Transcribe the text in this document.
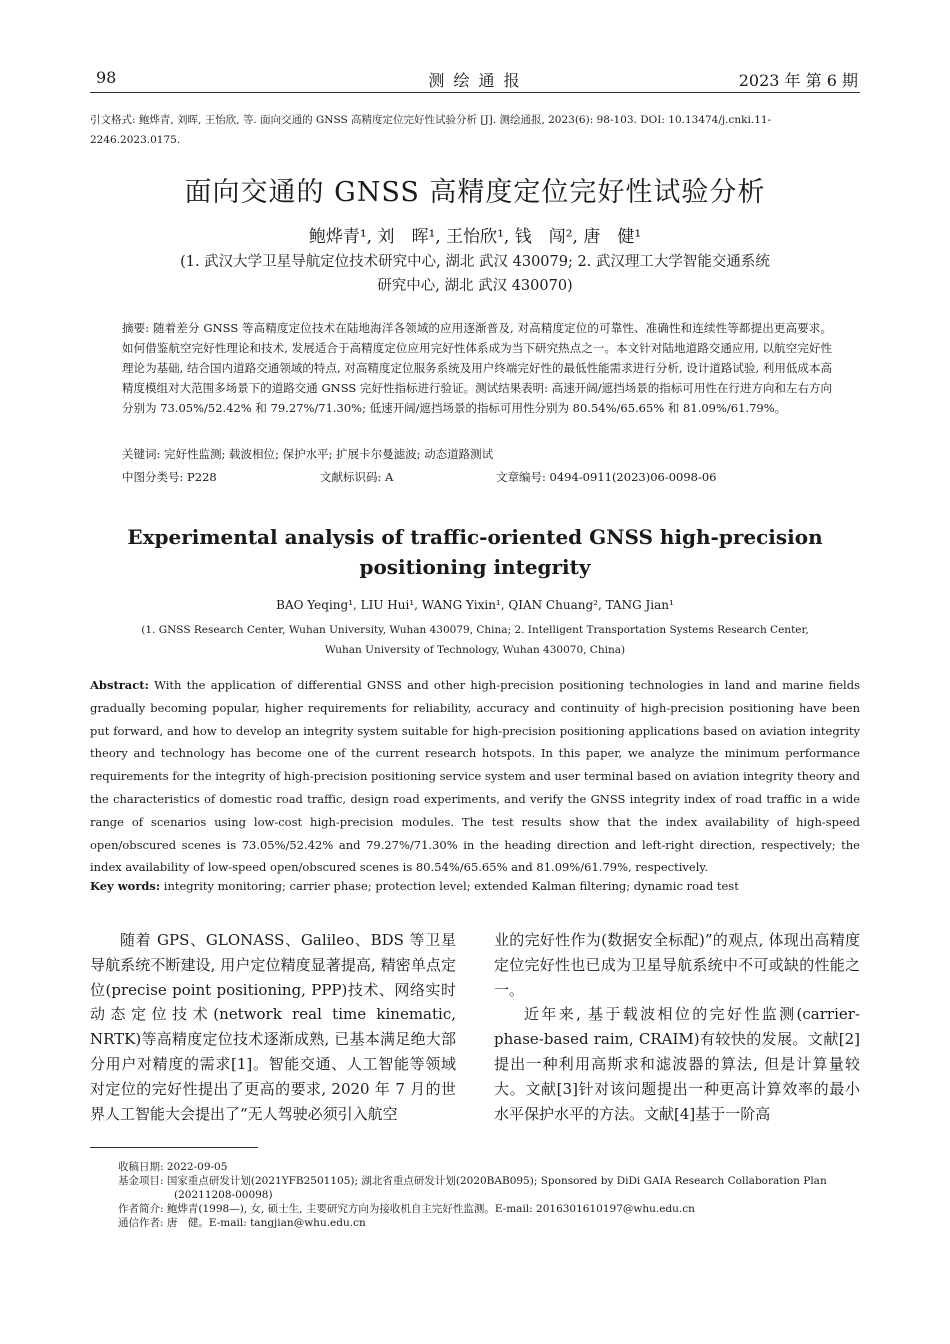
98	测 绘 通 报	2023 年 第 6 期
引文格式: 鲍烨青, 刘晖, 王怡欣, 等. 面向交通的 GNSS 高精度定位完好性试验分析 [J]. 测绘通报, 2023(6): 98-103. DOI: 10.13474/j.cnki.11-2246.2023.0175.
面向交通的 GNSS 高精度定位完好性试验分析
鲍烨青¹, 刘　晖¹, 王怡欣¹, 钱　闯², 唐　健¹
(1. 武汉大学卫星导航定位技术研究中心, 湖北 武汉 430079; 2. 武汉理工大学智能交通系统
研究中心, 湖北 武汉 430070)
摘要: 随着差分 GNSS 等高精度定位技术在陆地海洋各领域的应用逐渐普及, 对高精度定位的可靠性、准确性和连续性等都提出更高要求。如何借鉴航空完好性理论和技术, 发展适合于高精度定位应用完好性体系成为当下研究热点之一。本文针对陆地道路交通应用, 以航空完好性理论为基础, 结合国内道路交通领域的特点, 对高精度定位服务系统及用户终端完好性的最低性能需求进行分析, 设计道路试验, 利用低成本高精度模组对大范围多场景下的道路交通 GNSS 完好性指标进行验证。测试结果表明: 高速开阔/遮挡场景的指标可用性在行进方向和左右方向分别为 73.05%/52.42% 和 79.27%/71.30%; 低速开阔/遮挡场景的指标可用性分别为 80.54%/65.65% 和 81.09%/61.79%。
关键词: 完好性监测; 载波相位; 保护水平; 扩展卡尔曼滤波; 动态道路测试
中图分类号: P228	文献标识码: A	文章编号: 0494-0911(2023)06-0098-06
Experimental analysis of traffic-oriented GNSS high-precision
positioning integrity
BAO Yeqing¹, LIU Hui¹, WANG Yixin¹, QIAN Chuang², TANG Jian¹
(1. GNSS Research Center, Wuhan University, Wuhan 430079, China; 2. Intelligent Transportation Systems Research Center,
Wuhan University of Technology, Wuhan 430070, China)
Abstract: With the application of differential GNSS and other high-precision positioning technologies in land and marine fields gradually becoming popular, higher requirements for reliability, accuracy and continuity of high-precision positioning have been put forward, and how to develop an integrity system suitable for high-precision positioning applications based on aviation integrity theory and technology has become one of the current research hotspots. In this paper, we analyze the minimum performance requirements for the integrity of high-precision positioning service system and user terminal based on aviation integrity theory and the characteristics of domestic road traffic, design road experiments, and verify the GNSS integrity index of road traffic in a wide range of scenarios using low-cost high-precision modules. The test results show that the index availability of high-speed open/obscured scenes is 73.05%/52.42% and 79.27%/71.30% in the heading direction and left-right direction, respectively; the index availability of low-speed open/obscured scenes is 80.54%/65.65% and 81.09%/61.79%, respectively.
Key words: integrity monitoring; carrier phase; protection level; extended Kalman filtering; dynamic road test

随着 GPS、GLONASS、Galileo、BDS 等卫星导航系统不断建设, 用户定位精度显著提高, 精密单点定位(precise point positioning, PPP)技术、网络实时动态定位技术(network real time kinematic, NRTK)等高精度定位技术逐渐成熟, 已基本满足绝大部分用户对精度的需求[1]。智能交通、人工智能等领域对定位的完好性提出了更高的要求, 2020 年 7 月的世界人工智能大会提出了“无人驾驶必须引入航空

业的完好性作为(数据安全标配)”的观点, 体现出高精度定位完好性也已成为卫星导航系统中不可或缺的性能之一。

近年来, 基于载波相位的完好性监测(carrier-phase-based raim, CRAIM)有较快的发展。文献[2]提出一种利用高斯求和滤波器的算法, 但是计算量较大。文献[3]针对该问题提出一种更高计算效率的最小水平保护水平的方法。文献[4]基于一阶高

收稿日期: 2022-09-05
基金项目: 国家重点研发计划(2021YFB2501105); 湖北省重点研发计划(2020BAB095); Sponsored by DiDi GAIA Research Collaboration Plan
(20211208-00098)
作者简介: 鲍烨青(1998—), 女, 硕士生, 主要研究方向为接收机自主完好性监测。E-mail: 2016301610197@whu.edu.cn
通信作者: 唐　健。E-mail: tangjian@whu.edu.cn
